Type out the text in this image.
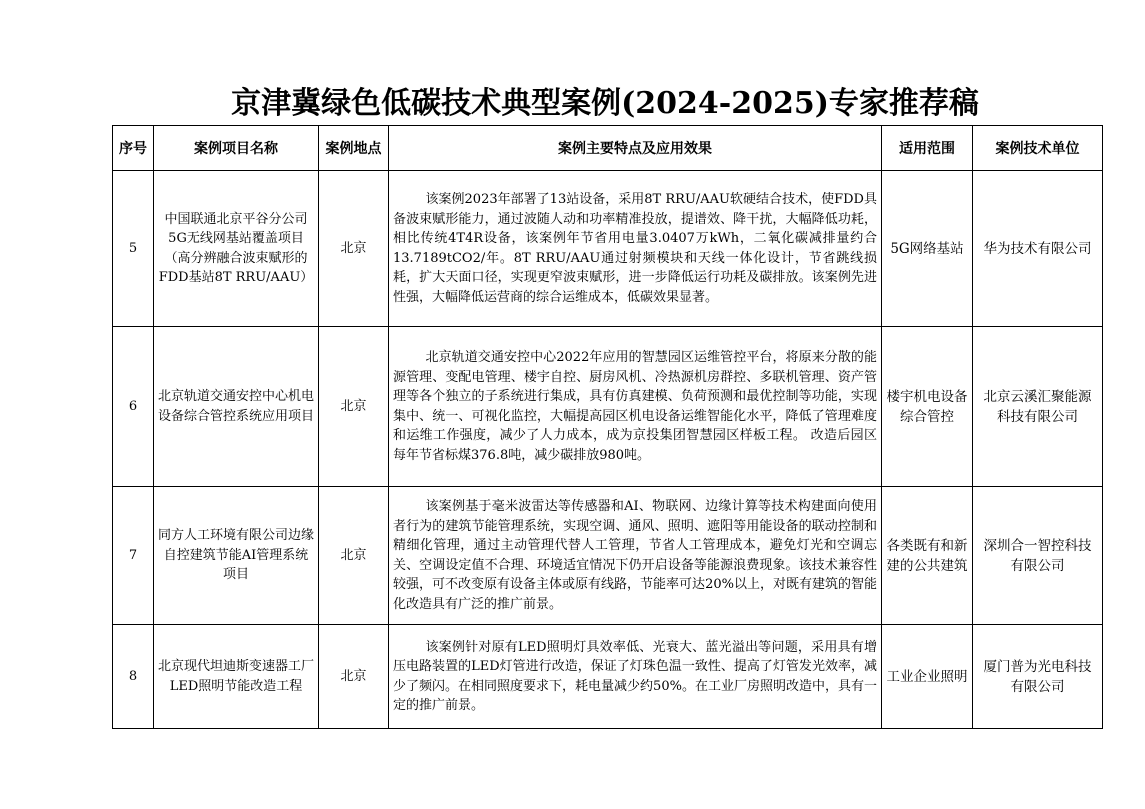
京津冀绿色低碳技术典型案例(2024-2025)专家推荐稿
序号	案例项目名称	案例地点	案例主要特点及应用效果	适用范围	案例技术单位
5	中国联通北京平谷分公司5G无线网基站覆盖项目（高分辨融合波束赋形的FDD基站8T RRU/AAU）	北京	该案例2023年部署了13站设备，采用8T RRU/AAU软硬结合技术，使FDD具备波束赋形能力，通过波随人动和功率精准投放，提谱效、降干扰，大幅降低功耗，相比传统4T4R设备，该案例年节省用电量3.0407万kWh，二氧化碳减排量约合13.7189tCO2/年。8T RRU/AAU通过射频模块和天线一体化设计，节省跳线损耗，扩大天面口径，实现更窄波束赋形，进一步降低运行功耗及碳排放。该案例先进性强，大幅降低运营商的综合运维成本，低碳效果显著。	5G网络基站	华为技术有限公司
6	北京轨道交通安控中心机电设备综合管控系统应用项目	北京	北京轨道交通安控中心2022年应用的智慧园区运维管控平台，将原来分散的能源管理、变配电管理、楼宇自控、厨房风机、冷热源机房群控、多联机管理、资产管理等各个独立的子系统进行集成，具有仿真建模、负荷预测和最优控制等功能，实现集中、统一、可视化监控，大幅提高园区机电设备运维智能化水平，降低了管理难度和运维工作强度，减少了人力成本，成为京投集团智慧园区样板工程。 改造后园区每年节省标煤376.8吨，减少碳排放980吨。	楼宇机电设备综合管控	北京云溪汇聚能源科技有限公司
7	同方人工环境有限公司边缘自控建筑节能AI管理系统项目	北京	该案例基于毫米波雷达等传感器和AI、物联网、边缘计算等技术构建面向使用者行为的建筑节能管理系统，实现空调、通风、照明、遮阳等用能设备的联动控制和精细化管理，通过主动管理代替人工管理，节省人工管理成本，避免灯光和空调忘关、空调设定值不合理、环境适宜情况下仍开启设备等能源浪费现象。该技术兼容性较强，可不改变原有设备主体或原有线路，节能率可达20%以上，对既有建筑的智能化改造具有广泛的推广前景。	各类既有和新建的公共建筑	深圳合一智控科技有限公司
8	北京现代坦迪斯变速器工厂LED照明节能改造工程	北京	该案例针对原有LED照明灯具效率低、光衰大、蓝光溢出等问题，采用具有增压电路装置的LED灯管进行改造，保证了灯珠色温一致性、提高了灯管发光效率，减少了频闪。在相同照度要求下，耗电量减少约50%。在工业厂房照明改造中，具有一定的推广前景。	工业企业照明	厦门普为光电科技有限公司
